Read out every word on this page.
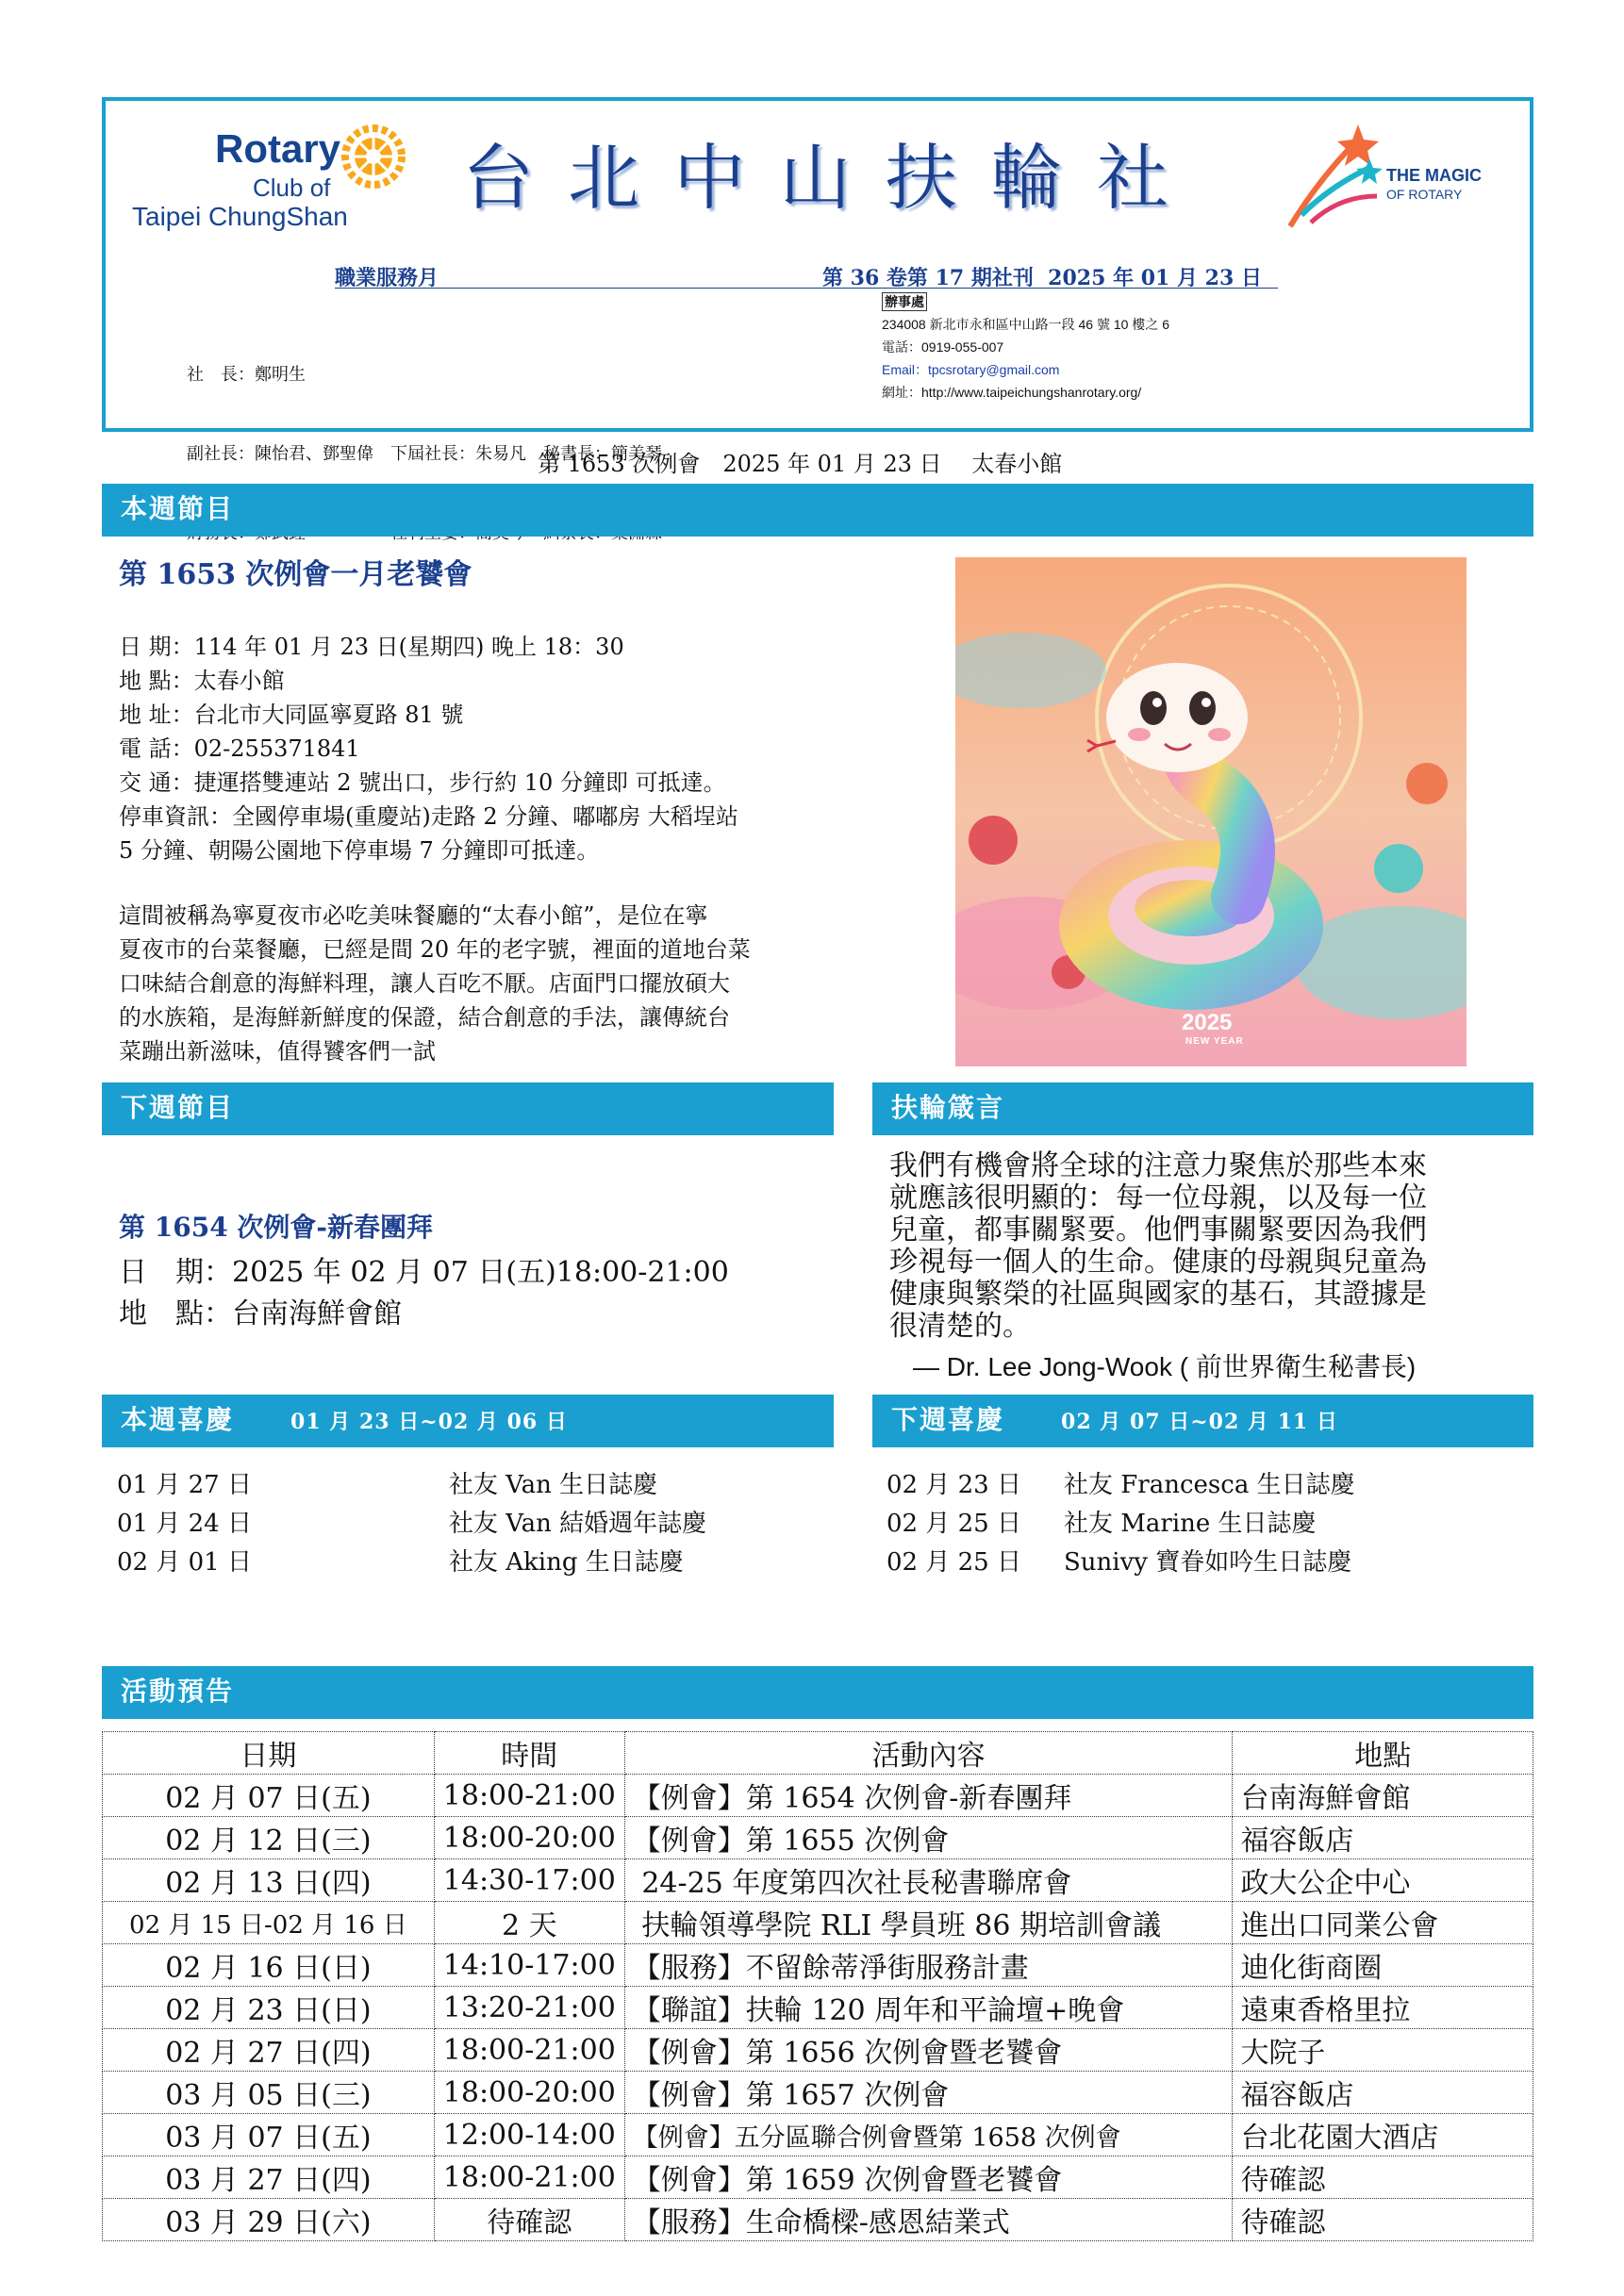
Rotary
Club of
Taipei ChungShan 台 北 中 山 扶 輪 社	THE MAGIC
OF ROTARY
職業服務月	第 36 卷第 17 期社刊  2025 年 01 月 23 日

社　長：鄭明生

副社長：陳怡君、鄧聖偉　下屆社長：朱易凡　秘書長：簡美琴

辦事處
234008 新北市永和區中山路一段 46 號 10 樓之 6
電話：0919-055-007
Email：tpcsrotary@gmail.com
網址：http://www.taipeichungshanrotary.org/
第 1653 次例會　2025 年 01 月 23 日　 太春小館
本週節目
第 1653 次例會一月老饕會
日 期：114 年 01 月 23 日(星期四) 晚上 18：30
地 點：太春小館
地 址：台北市大同區寧夏路 81 號
電 話：02-255371841
交 通：捷運搭雙連站 2 號出口，步行約 10 分鐘即 可抵達。
停車資訊：全國停車場(重慶站)走路 2 分鐘、嘟嘟房 大稻埕站
5 分鐘、朝陽公園地下停車場 7 分鐘即可抵達。
這間被稱為寧夏夜市必吃美味餐廳的“太春小館”，是位在寧
夏夜市的台菜餐廳，已經是間 20 年的老字號，裡面的道地台菜
口味結合創意的海鮮料理，讓人百吃不厭。店面門口擺放碩大
的水族箱，是海鮮新鮮度的保證，結合創意的手法，讓傳統台
菜蹦出新滋味，值得饕客們一試
2025
NEW YEAR
下週節目	扶輪箴言
第 1654 次例會-新春團拜
日　期：2025 年 02 月 07 日(五)18:00-21:00
地　點：台南海鮮會館
我們有機會將全球的注意力聚焦於那些本來
就應該很明顯的：每一位母親，以及每一位
兒童，都事關緊要。他們事關緊要因為我們
珍視每一個人的生命。健康的母親與兒童為
健康與繁榮的社區與國家的基石，其證據是
很清楚的。
— Dr. Lee Jong-Wook ( 前世界衛生秘書長)
本週喜慶	01 月 23 日~02 月 06 日	下週喜慶	02 月 07 日~02 月 11 日
01 月 27 日	社友 Van 生日誌慶
01 月 24 日	社友 Van 結婚週年誌慶
02 月 01 日	社友 Aking 生日誌慶
02 月 23 日 社友 Francesca 生日誌慶
02 月 25 日 社友 Marine 生日誌慶
02 月 25 日 Sunivy 寶眷如吟生日誌慶
活動預告
日期	時間	活動內容	地點
02 月 07 日(五)	18:00-21:00	【例會】第 1654 次例會-新春團拜	台南海鮮會館
02 月 12 日(三)	18:00-20:00	【例會】第 1655 次例會	福容飯店
02 月 13 日(四)	14:30-17:00	24-25 年度第四次社長秘書聯席會	政大公企中心
02 月 15 日-02 月 16 日	2 天	扶輪領導學院 RLI 學員班 86 期培訓會議	進出口同業公會
02 月 16 日(日)	14:10-17:00	【服務】不留餘蒂淨街服務計畫	迪化街商圈
02 月 23 日(日)	13:20-21:00	【聯誼】扶輪 120 周年和平論壇+晚會	遠東香格里拉
02 月 27 日(四)	18:00-21:00	【例會】第 1656 次例會暨老饕會	大院子
03 月 05 日(三)	18:00-20:00	【例會】第 1657 次例會	福容飯店
03 月 07 日(五)	12:00-14:00	【例會】五分區聯合例會暨第 1658 次例會	台北花園大酒店
03 月 27 日(四)	18:00-21:00	【例會】第 1659 次例會暨老饕會	待確認
03 月 29 日(六)	待確認	【服務】生命橋樑-感恩結業式	待確認
